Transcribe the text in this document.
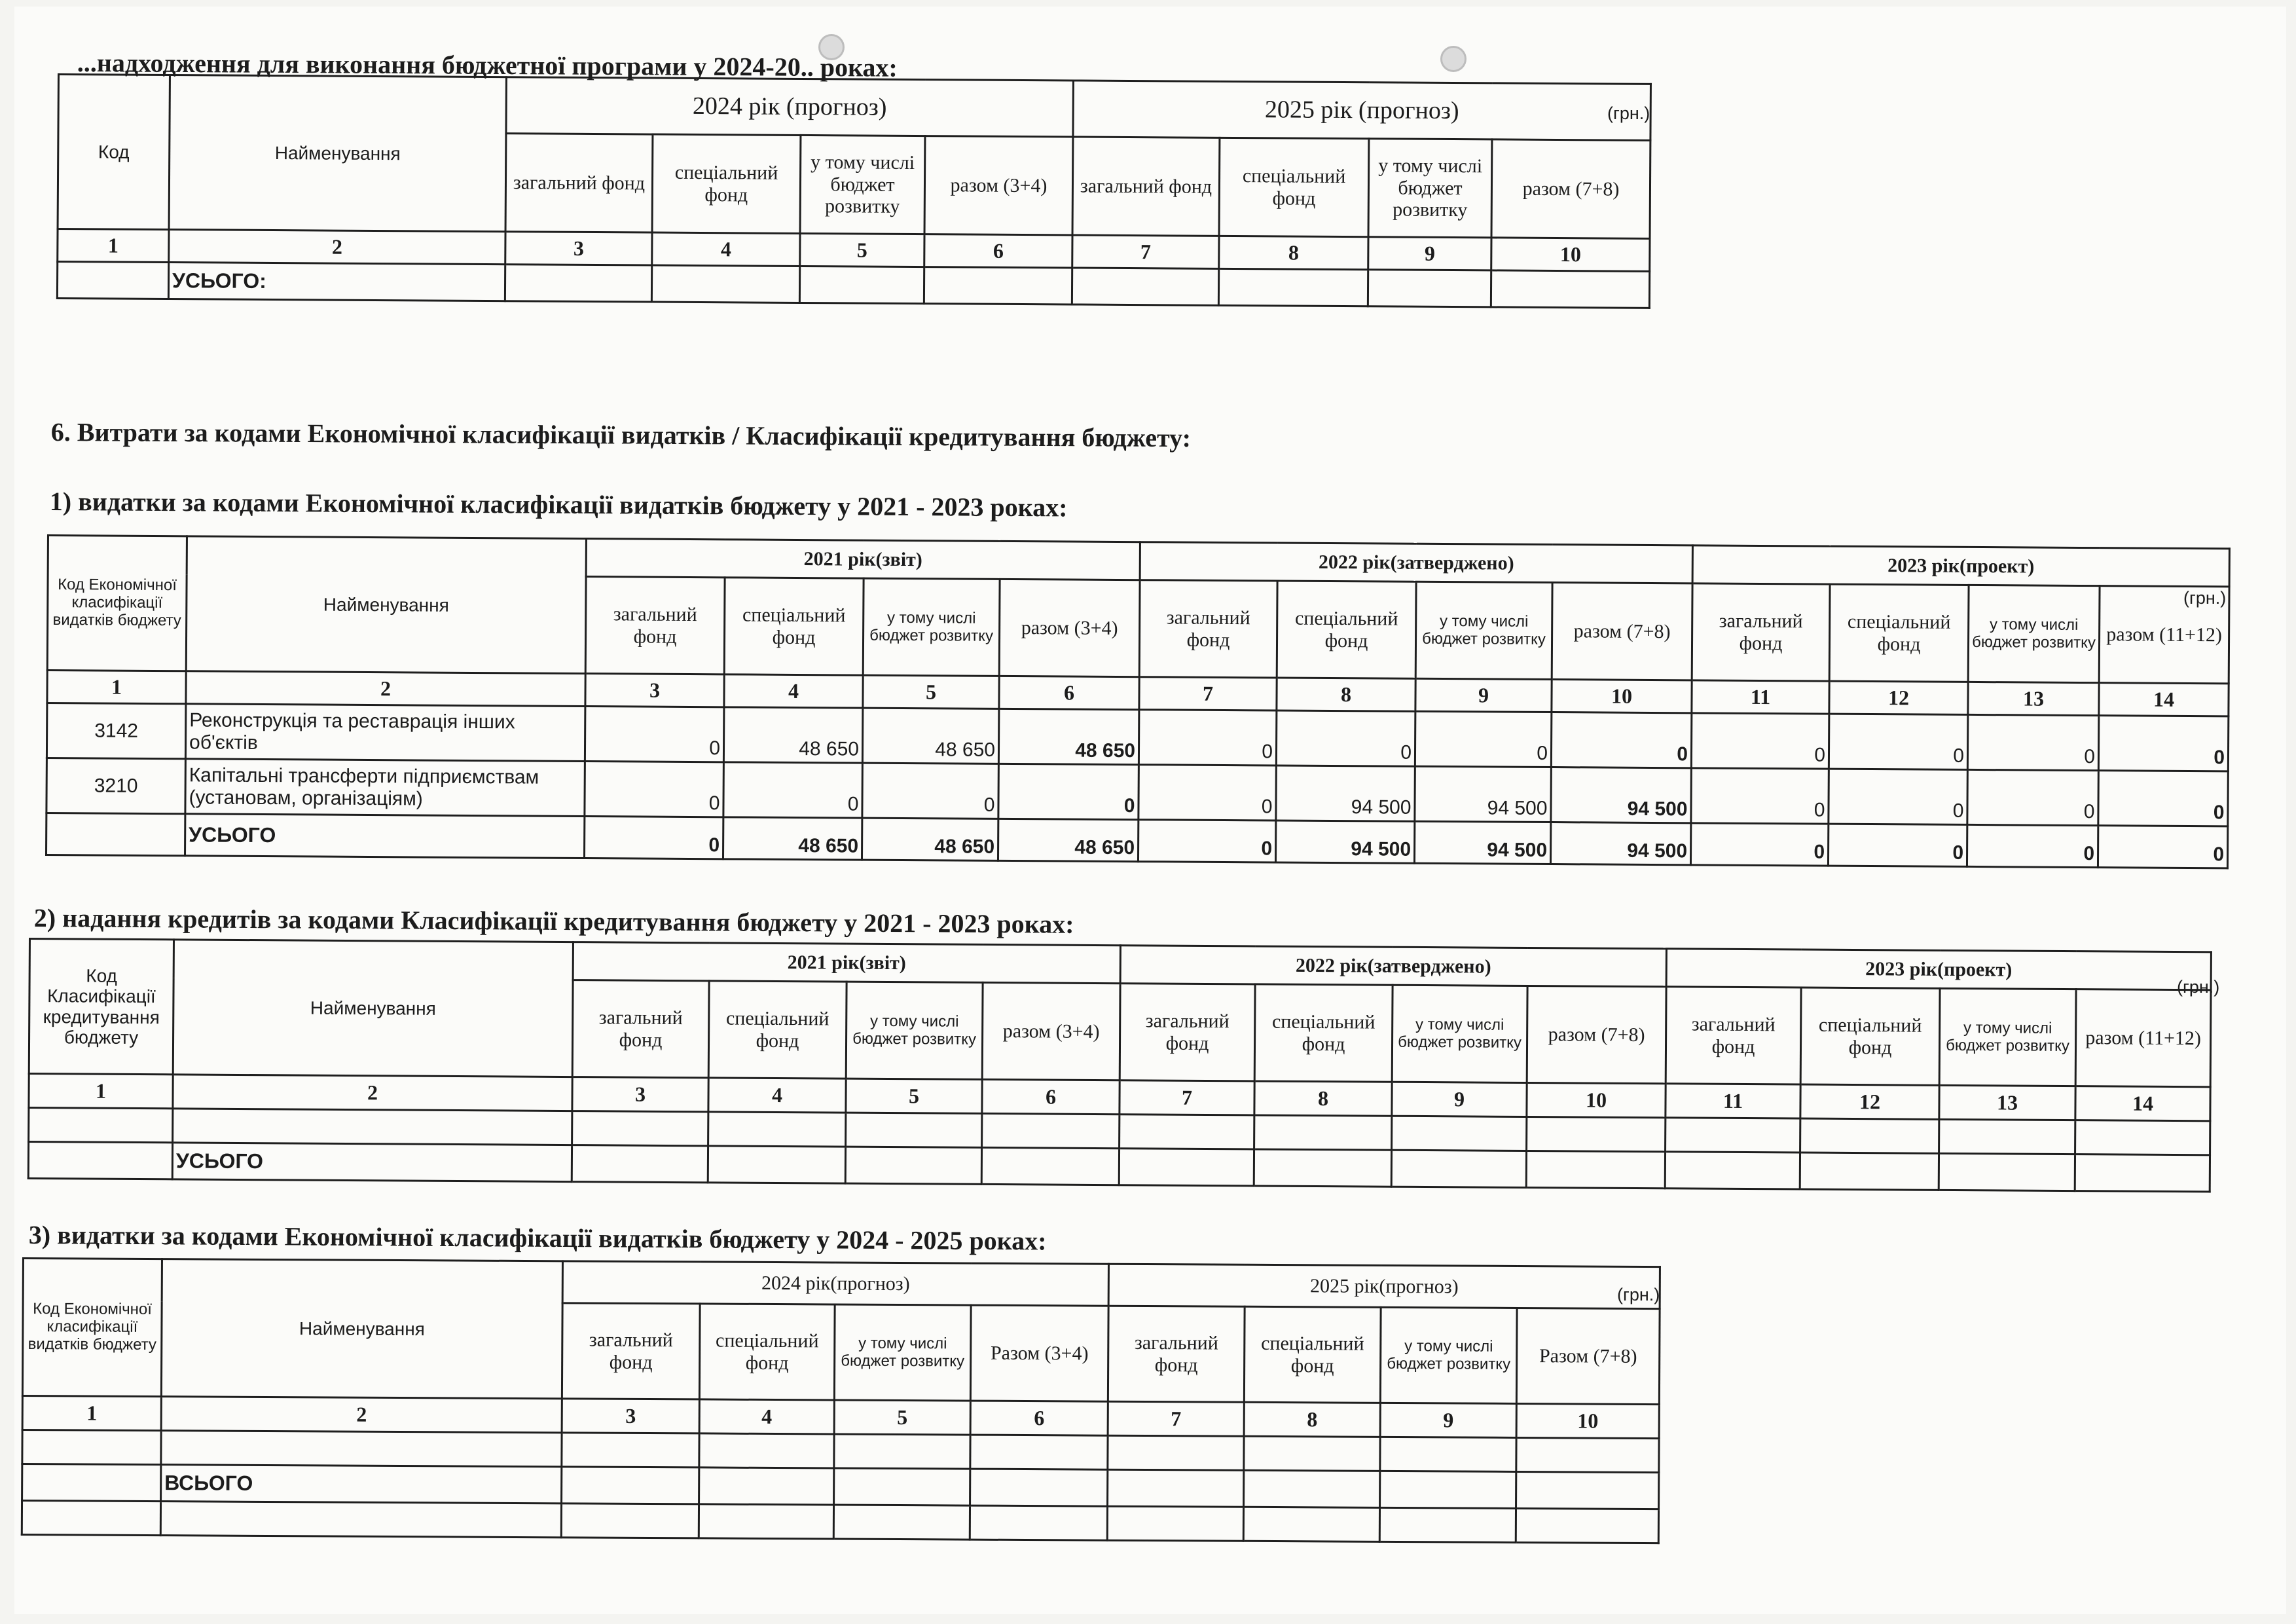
...надходження для виконання бюджетної програми у 2024-20.. роках:
(грн.)
Код	Найменування	2024 рік (прогноз)				2025 рік (прогноз)			
		загальний фонд	спеціальний фонд	у тому числі бюджет розвитку	разом (3+4)	загальний фонд	спеціальний фонд	у тому числі бюджет розвитку	разом (7+8)
1	2	3	4	5	6	7	8	9	10
	УСЬОГО:								
6. Витрати за кодами Економічної класифікації видатків / Класифікації кредитування бюджету:
1) видатки за кодами Економічної класифікації видатків бюджету у 2021 - 2023 роках:
(грн.)
Код Економічної класифікації видатків бюджету	Найменування	2021 рік(звіт)				2022 рік(затверджено)				2023 рік(проект)			
		загальний фонд	спеціальний фонд	у тому числі бюджет розвитку	разом (3+4)	загальний фонд	спеціальний фонд	у тому числі бюджет розвитку	разом (7+8)	загальний фонд	спеціальний фонд	у тому числі бюджет розвитку	разом (11+12)
1	2	3	4	5	6	7	8	9	10	11	12	13	14
3142	Реконструкція та реставрація інших об'єктів	0	48 650	48 650	48 650	0	0	0	0	0	0	0	0
3210	Капітальні трансферти підприємствам (установам, організаціям)	0	0	0	0	0	94 500	94 500	94 500	0	0	0	0
	УСЬОГО	0	48 650	48 650	48 650	0	94 500	94 500	94 500	0	0	0	0
2) надання кредитів за кодами Класифікації кредитування бюджету у 2021 - 2023 роках:
(грн.)
Код Класифікації кредитування бюджету	Найменування	2021 рік(звіт)				2022 рік(затверджено)				2023 рік(проект)			
		загальний фонд	спеціальний фонд	у тому числі бюджет розвитку	разом (3+4)	загальний фонд	спеціальний фонд	у тому числі бюджет розвитку	разом (7+8)	загальний фонд	спеціальний фонд	у тому числі бюджет розвитку	разом (11+12)
1	2	3	4	5	6	7	8	9	10	11	12	13	14

	УСЬОГО												
3) видатки за кодами Економічної класифікації видатків бюджету у 2024 - 2025 роках:
(грн.)
Код Економічної класифікації видатків бюджету	Найменування	2024 рік(прогноз)				2025 рік(прогноз)			
		загальний фонд	спеціальний фонд	у тому числі бюджет розвитку	Разом (3+4)	загальний фонд	спеціальний фонд	у тому числі бюджет розвитку	Разом (7+8)
1	2	3	4	5	6	7	8	9	10

	ВСЬОГО								
